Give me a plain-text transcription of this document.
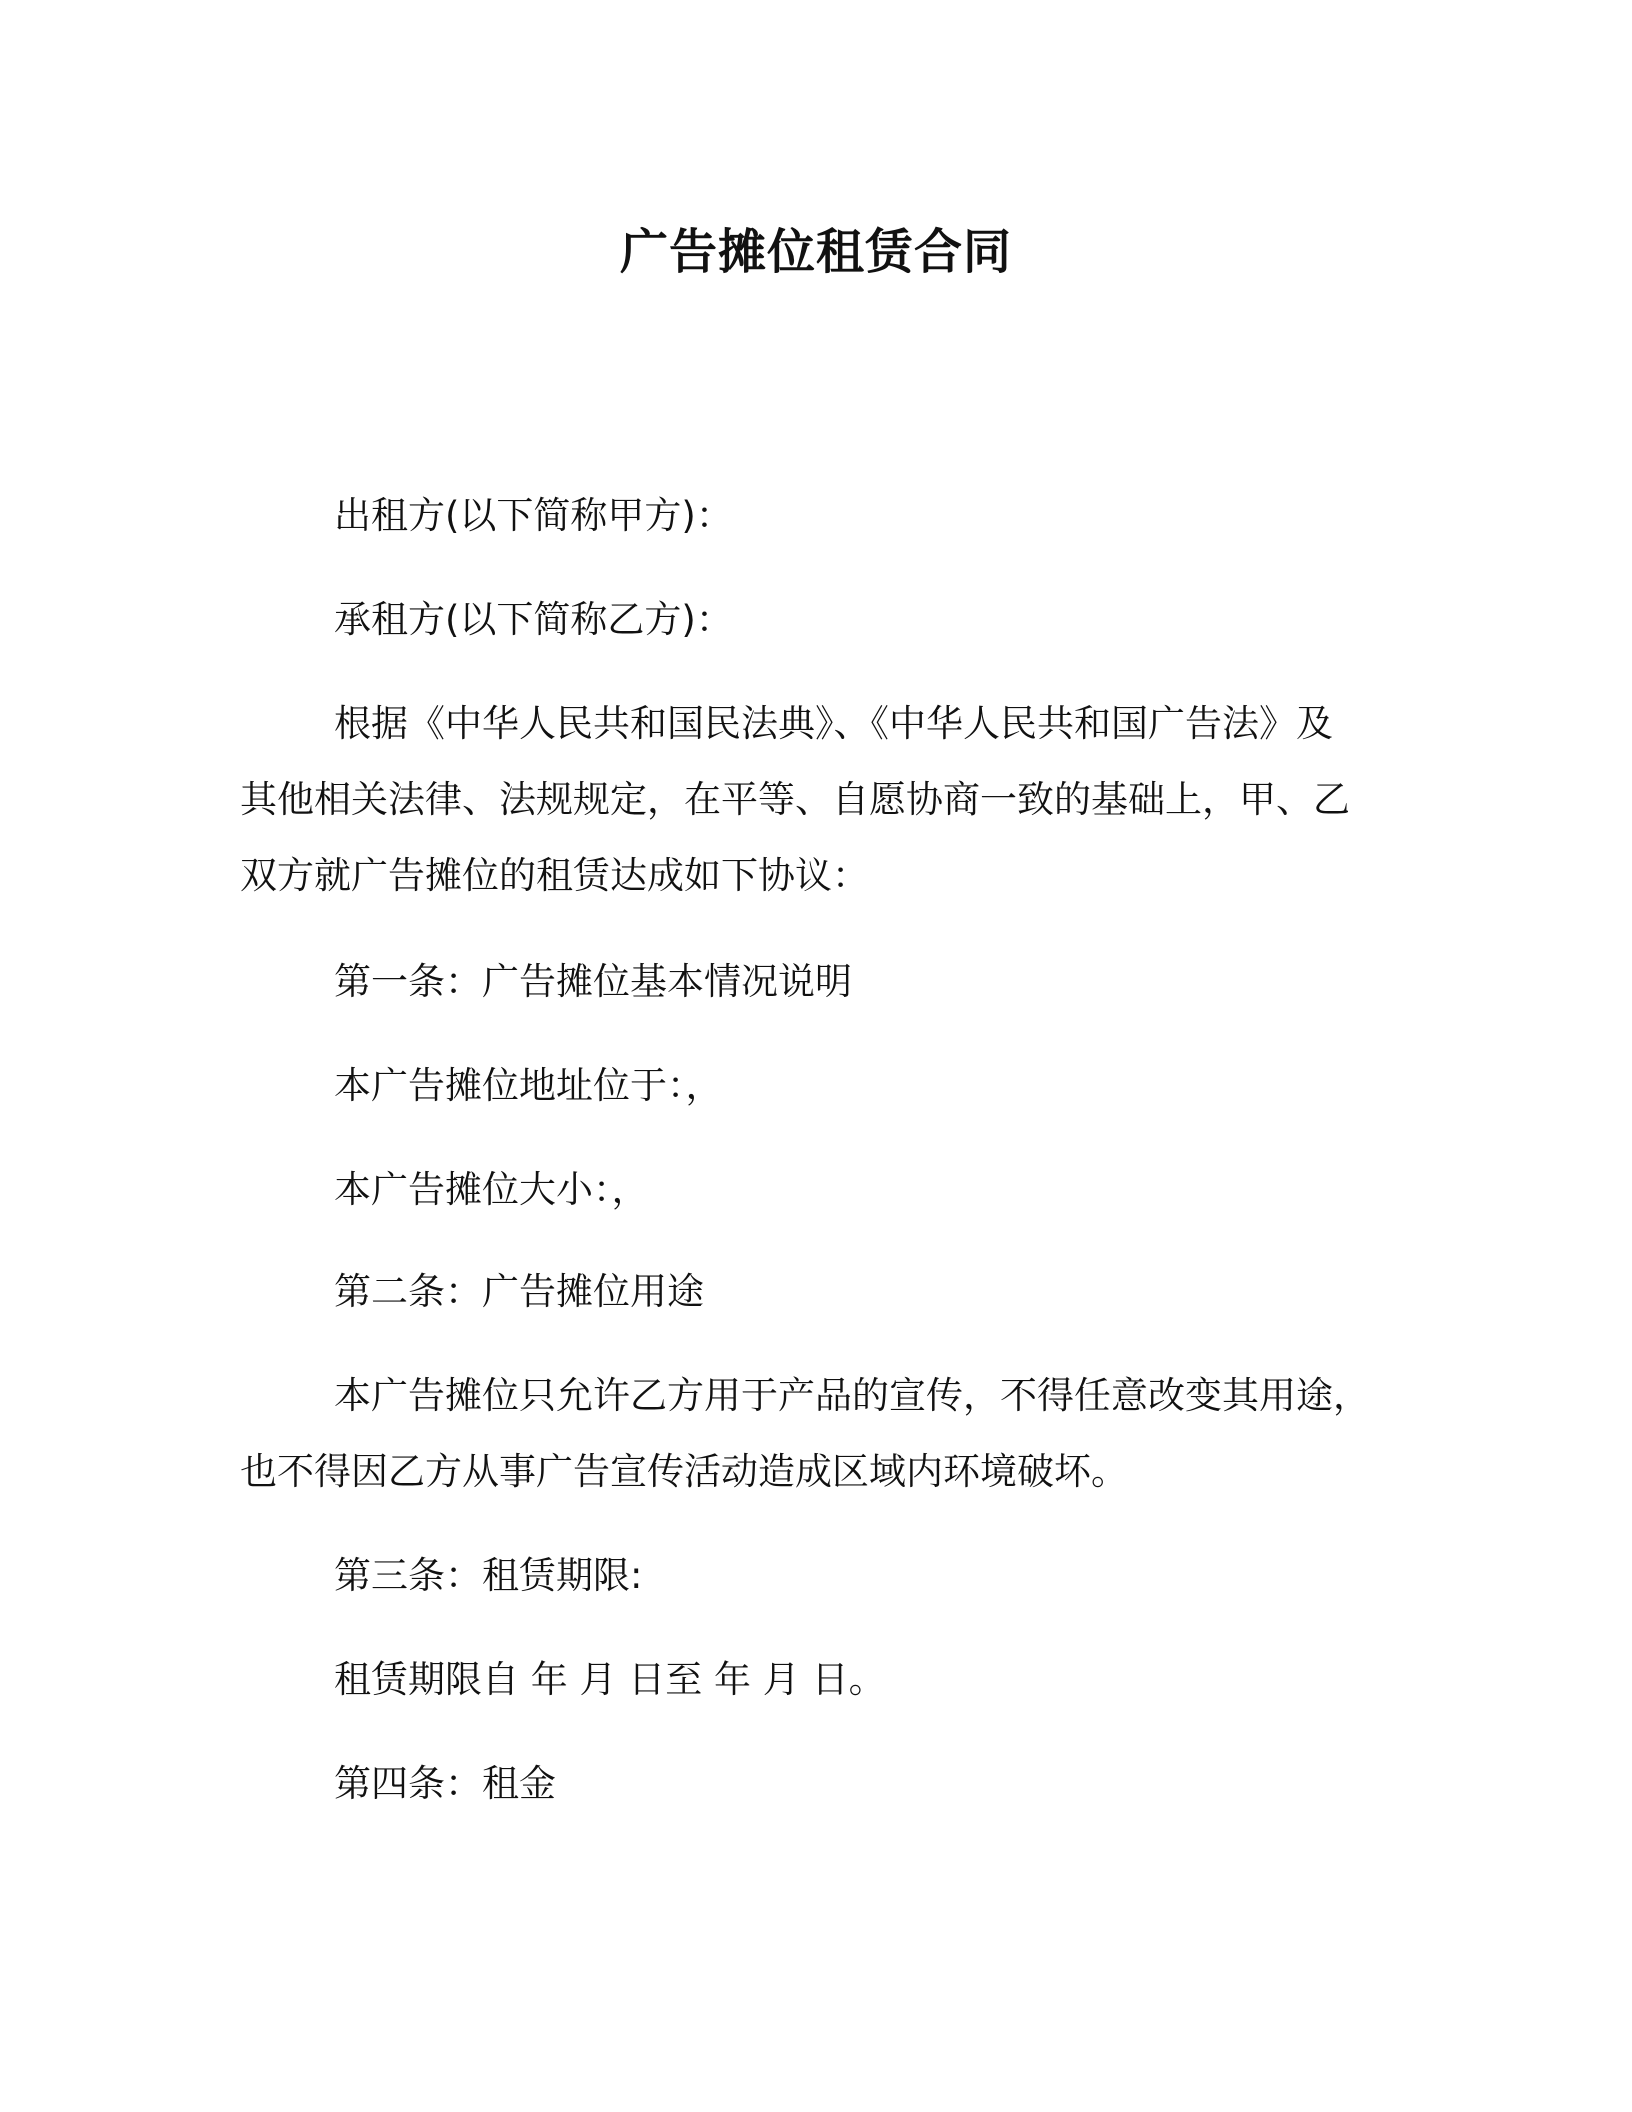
广告摊位租赁合同

出租方(以下简称甲方)：

承租方(以下简称乙方)：

根据《中华人民共和国民法典》、《中华人民共和国广告法》及

其他相关法律、法规规定，在平等、自愿协商一致的基础上，甲、乙

双方就广告摊位的租赁达成如下协议：

第一条：广告摊位基本情况说明

本广告摊位地址位于：，

本广告摊位大小：，

第二条：广告摊位用途

本广告摊位只允许乙方用于产品的宣传，不得任意改变其用途，

也不得因乙方从事广告宣传活动造成区域内环境破坏。

第三条：租赁期限:

租赁期限自 年 月 日至 年 月 日。

第四条：租金
